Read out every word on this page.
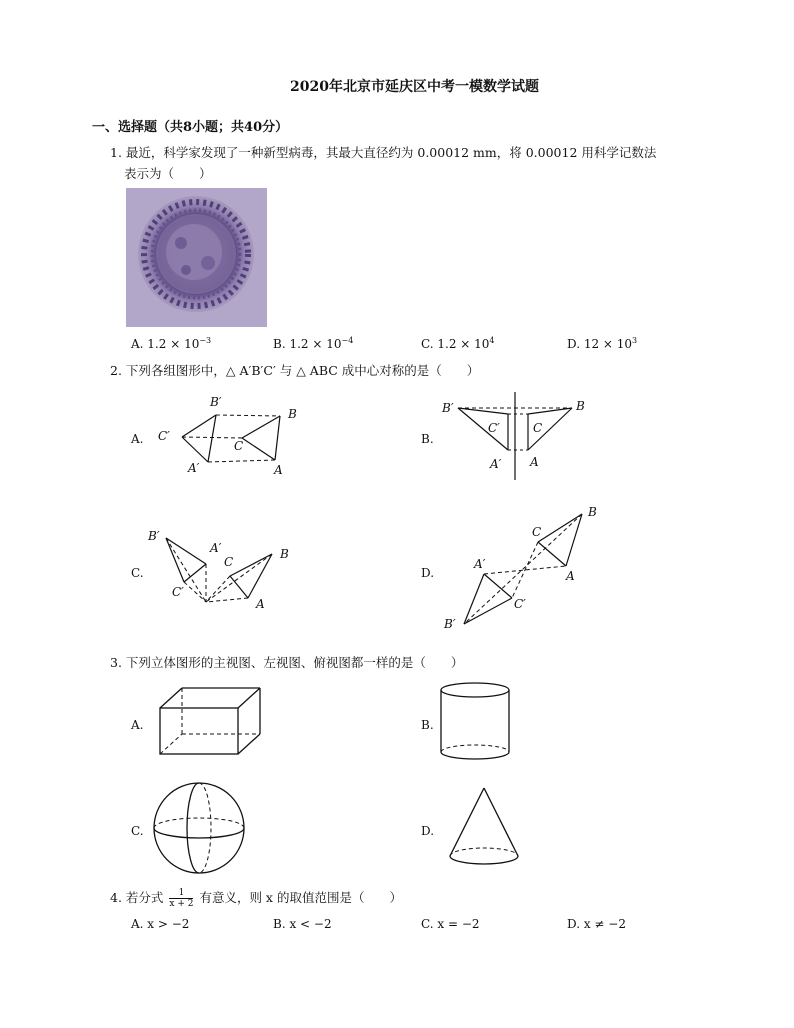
2020年北京市延庆区中考一模数学试题
一、选择题（共8小题；共40分）
1. 最近，科学家发现了一种新型病毒，其最大直径约为 0.00012 mm，将 0.00012 用科学记数法
表示为（　　）
A. $1.2 \times 10^{-3}$	B. $1.2 \times 10^{-4}$	C. $1.2 \times 10^4$	D. $12 \times 10^3$
2. 下列各组图形中，△ A′B′C′ 与 △ ABC 成中心对称的是（　　）
A.
B′
B
C′
C
A′	A
B.
B′	B
C′	C
A′ A
C.
B′
A′
C
B
C′
A
D.
C
B
A′
A
C′
B′
3. 下列立体图形的主视图、左视图、俯视图都一样的是（　　）
A.	B.
C.	D.
4. 若分式 $\frac{1}{x + 2}$ 有意义，则 x 的取值范围是（　　）
A. x > −2	B. x < −2	C. x = −2	D. x ≠ −2
